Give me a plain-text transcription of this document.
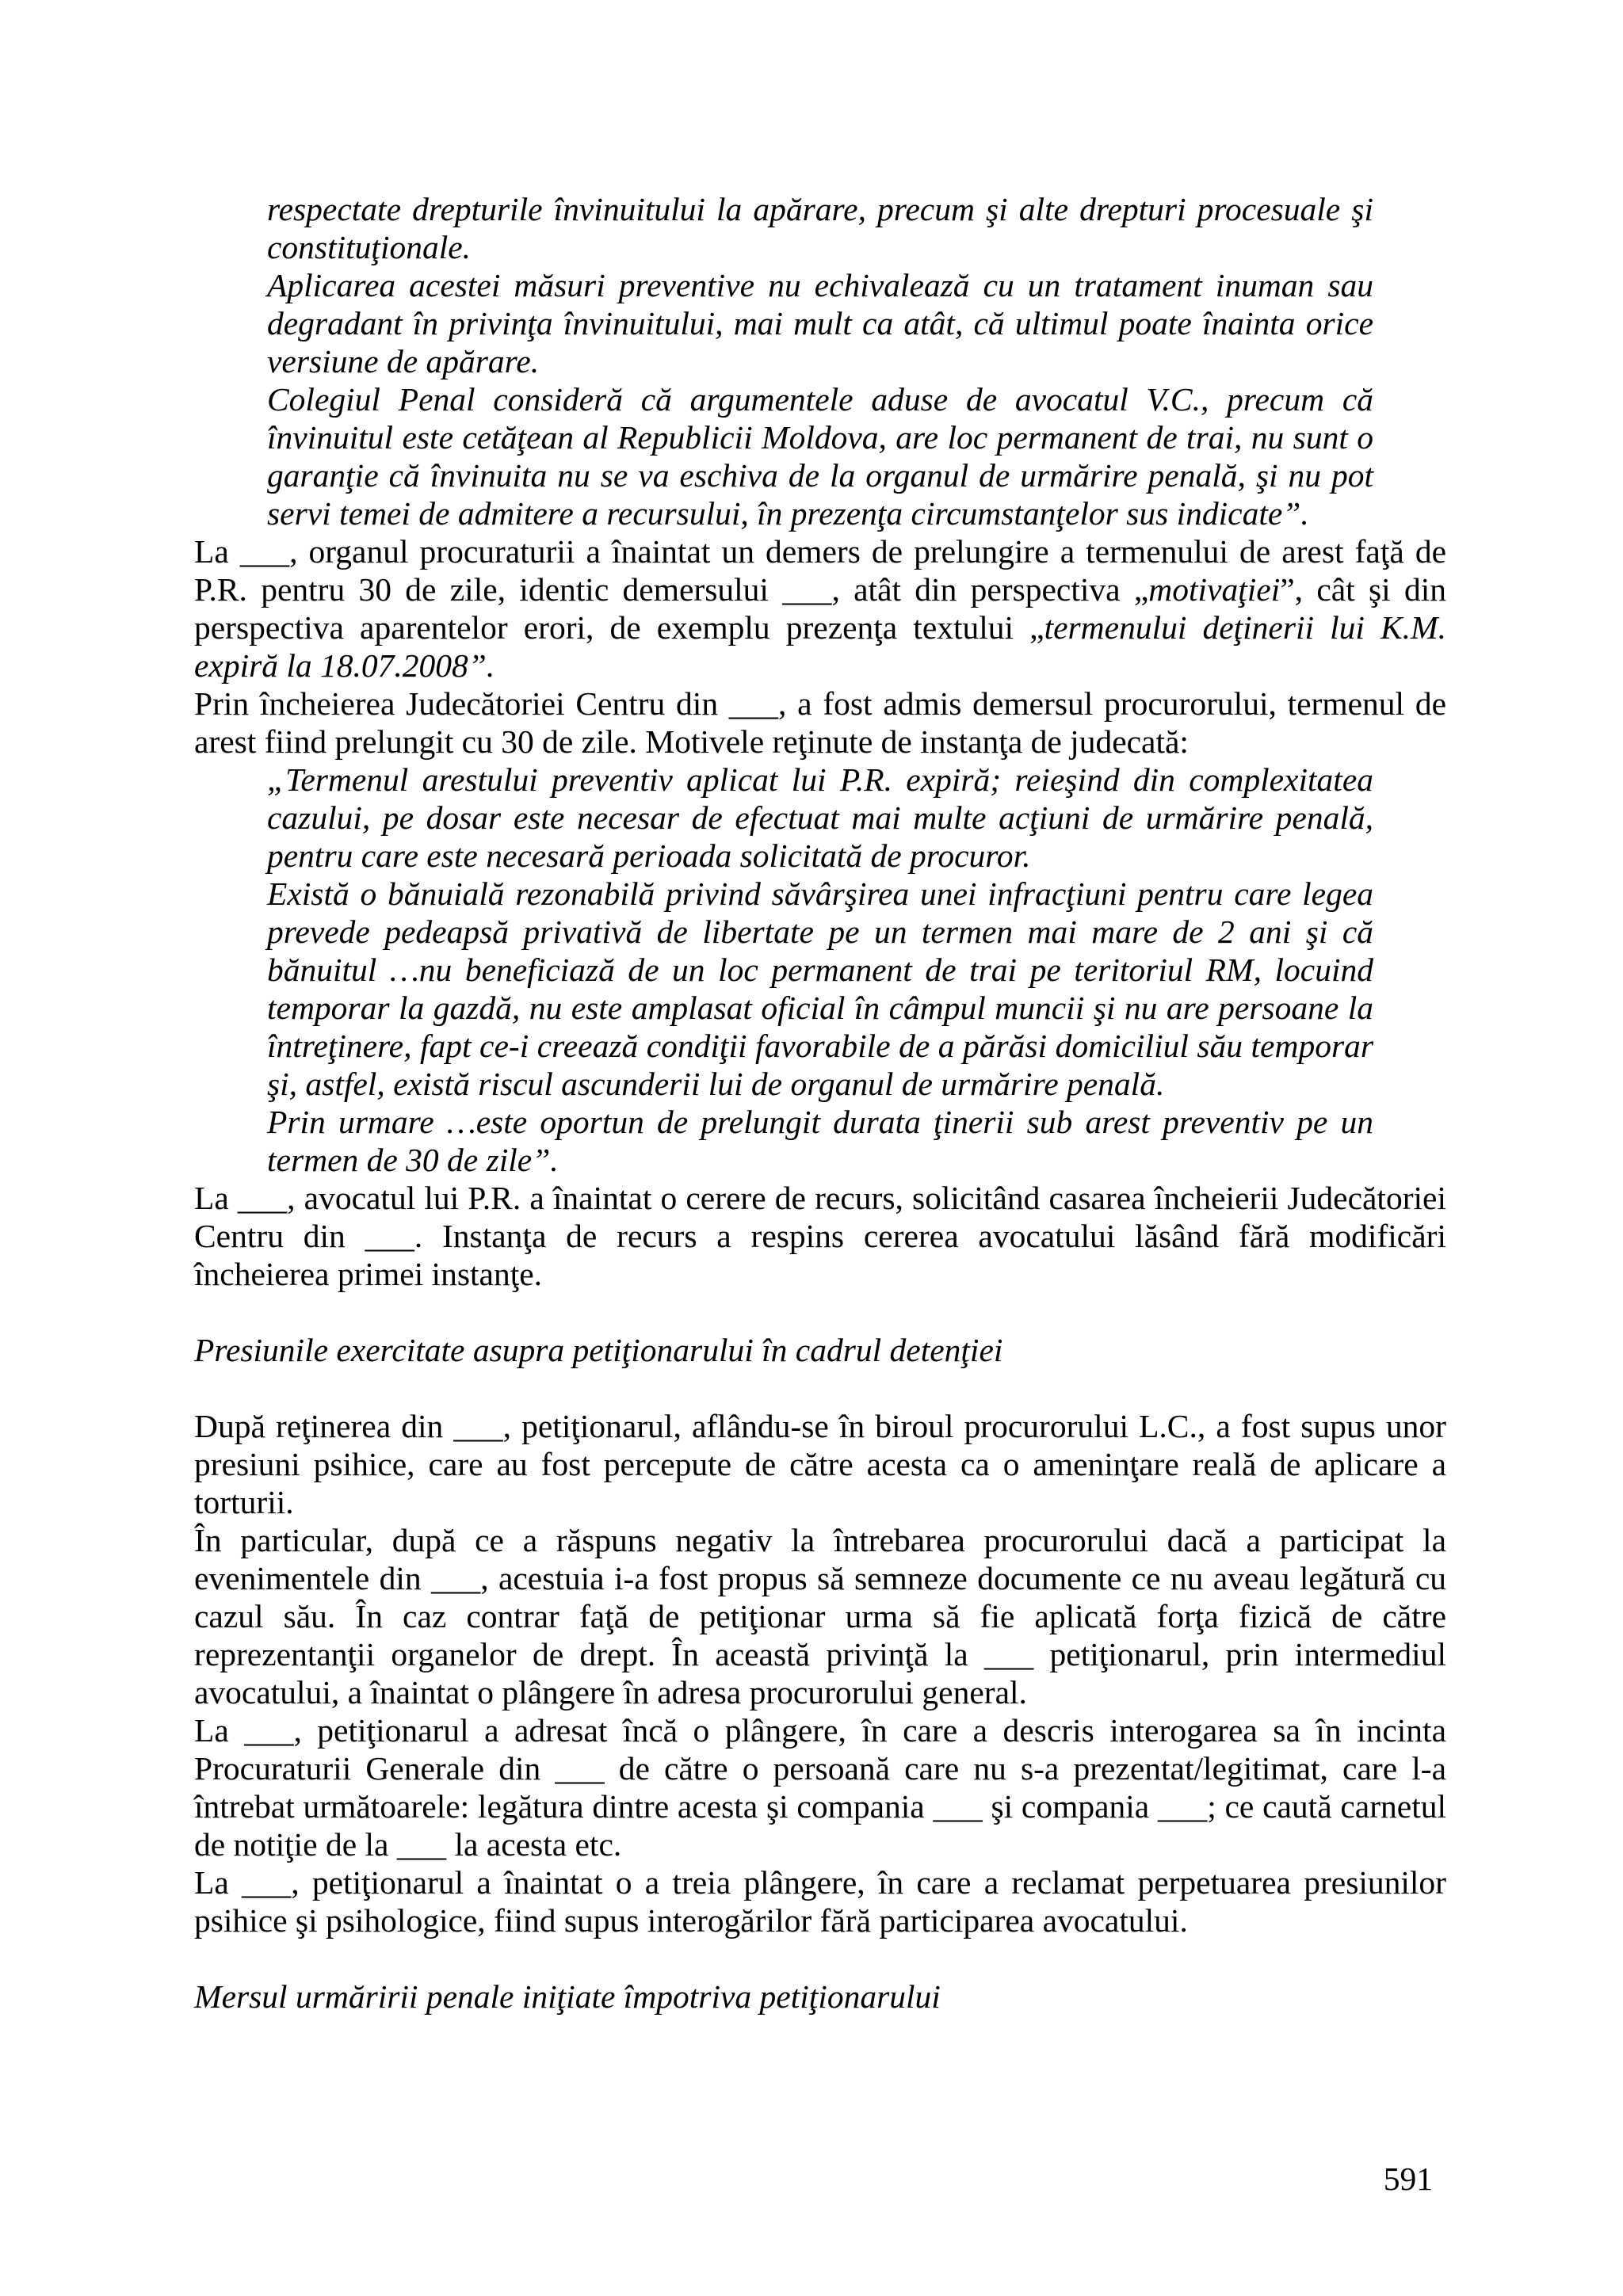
respectate drepturile învinuitului la apărare, precum şi alte drepturi procesuale şi constituţionale.

Aplicarea acestei măsuri preventive nu echivalează cu un tratament inuman sau degradant în privinţa învinuitului, mai mult ca atât, că ultimul poate înainta orice versiune de apărare.

Colegiul Penal consideră că argumentele aduse de avocatul V.C., precum că învinuitul este cetăţean al Republicii Moldova, are loc permanent de trai, nu sunt o garanţie că învinuita nu se va eschiva de la organul de urmărire penală, şi nu pot servi temei de admitere a recursului, în prezenţa circumstanţelor sus indicate”.

La ___, organul procuraturii a înaintat un demers de prelungire a termenului de arest faţă de P.R. pentru 30 de zile, identic demersului ___, atât din perspectiva „motivaţiei”, cât şi din perspectiva aparentelor erori, de exemplu prezenţa textului „termenului deţinerii lui K.M. expiră la 18.07.2008”.

Prin încheierea Judecătoriei Centru din ___, a fost admis demersul procurorului, termenul de arest fiind prelungit cu 30 de zile. Motivele reţinute de instanţa de judecată:

„Termenul arestului preventiv aplicat lui P.R. expiră; reieşind din complexitatea cazului, pe dosar este necesar de efectuat mai multe acţiuni de urmărire penală, pentru care este necesară perioada solicitată de procuror.

Există o bănuială rezonabilă privind săvârşirea unei infracţiuni pentru care legea prevede pedeapsă privativă de libertate pe un termen mai mare de 2 ani şi că bănuitul …nu beneficiază de un loc permanent de trai pe teritoriul RM, locuind temporar la gazdă, nu este amplasat oficial în câmpul muncii şi nu are persoane la întreţinere, fapt ce-i creează condiţii favorabile de a părăsi domiciliul său temporar şi, astfel, există riscul ascunderii lui de organul de urmărire penală.

Prin urmare …este oportun de prelungit durata ţinerii sub arest preventiv pe un termen de 30 de zile”.

La ___, avocatul lui P.R. a înaintat o cerere de recurs, solicitând casarea încheierii Judecătoriei Centru din ___. Instanţa de recurs a respins cererea avocatului lăsând fără modificări încheierea primei instanţe.

Presiunile exercitate asupra petiţionarului în cadrul detenţiei

După reţinerea din ___, petiţionarul, aflându-se în biroul procurorului L.C., a fost supus unor presiuni psihice, care au fost percepute de către acesta ca o ameninţare reală de aplicare a torturii.

În particular, după ce a răspuns negativ la întrebarea procurorului dacă a participat la evenimentele din ___, acestuia i-a fost propus să semneze documente ce nu aveau legătură cu cazul său. În caz contrar faţă de petiţionar urma să fie aplicată forţa fizică de către reprezentanţii organelor de drept. În această privinţă la ___ petiţionarul, prin intermediul avocatului, a înaintat o plângere în adresa procurorului general.

La ___, petiţionarul a adresat încă o plângere, în care a descris interogarea sa în incinta Procuraturii Generale din ___ de către o persoană care nu s-a prezentat/legitimat, care l-a întrebat următoarele: legătura dintre acesta şi compania ___ şi compania ___; ce caută carnetul de notiţie de la ___ la acesta etc.

La ___, petiţionarul a înaintat o a treia plângere, în care a reclamat perpetuarea presiunilor psihice şi psihologice, fiind supus interogărilor fără participarea avocatului.

Mersul urmăririi penale iniţiate împotriva petiţionarului

591
